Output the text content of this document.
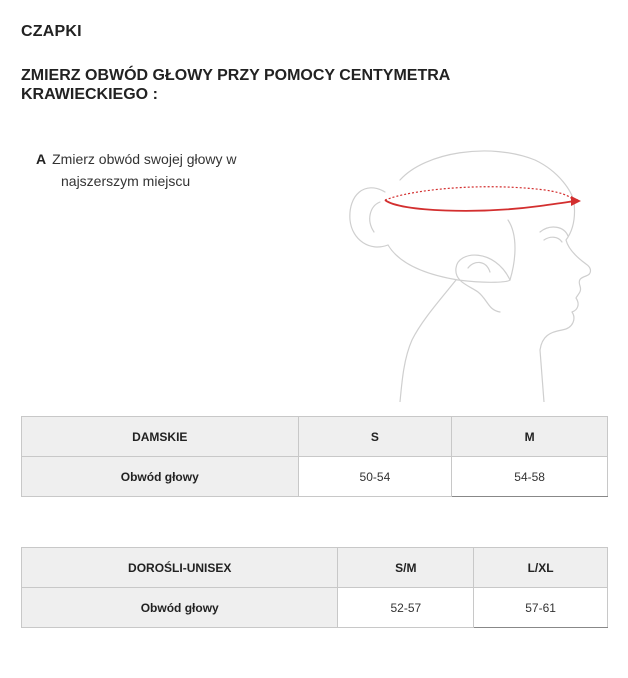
CZAPKI
ZMIERZ OBWÓD GŁOWY PRZY POMOCY CENTYMETRA KRAWIECKIEGO :
A Zmierz obwód swojej głowy w
najszerszym miejscu
DAMSKIE	S	M
Obwód głowy	50-54	54-58
DOROŚLI-UNISEX	S/M	L/XL
Obwód głowy	52-57	57-61
